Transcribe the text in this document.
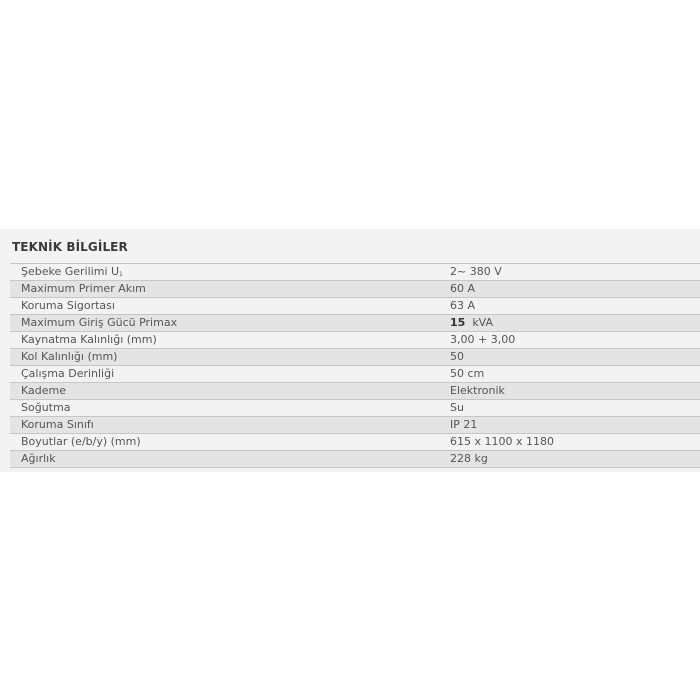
TEKNİK BİLGİLER
Şebeke Gerilimi U1	2~ 380 V
Maximum Primer Akım	60 A
Koruma Sigortası	63 A
Maximum Giriş Gücü Primax	15 kVA
Kaynatma Kalınlığı (mm)	3,00 + 3,00
Kol Kalınlığı (mm)	50
Çalışma Derinliği	50 cm
Kademe	Elektronik
Soğutma	Su
Koruma Sınıfı	IP 21
Boyutlar (e/b/y) (mm)	615 x 1100 x 1180
Ağırlık	228 kg
